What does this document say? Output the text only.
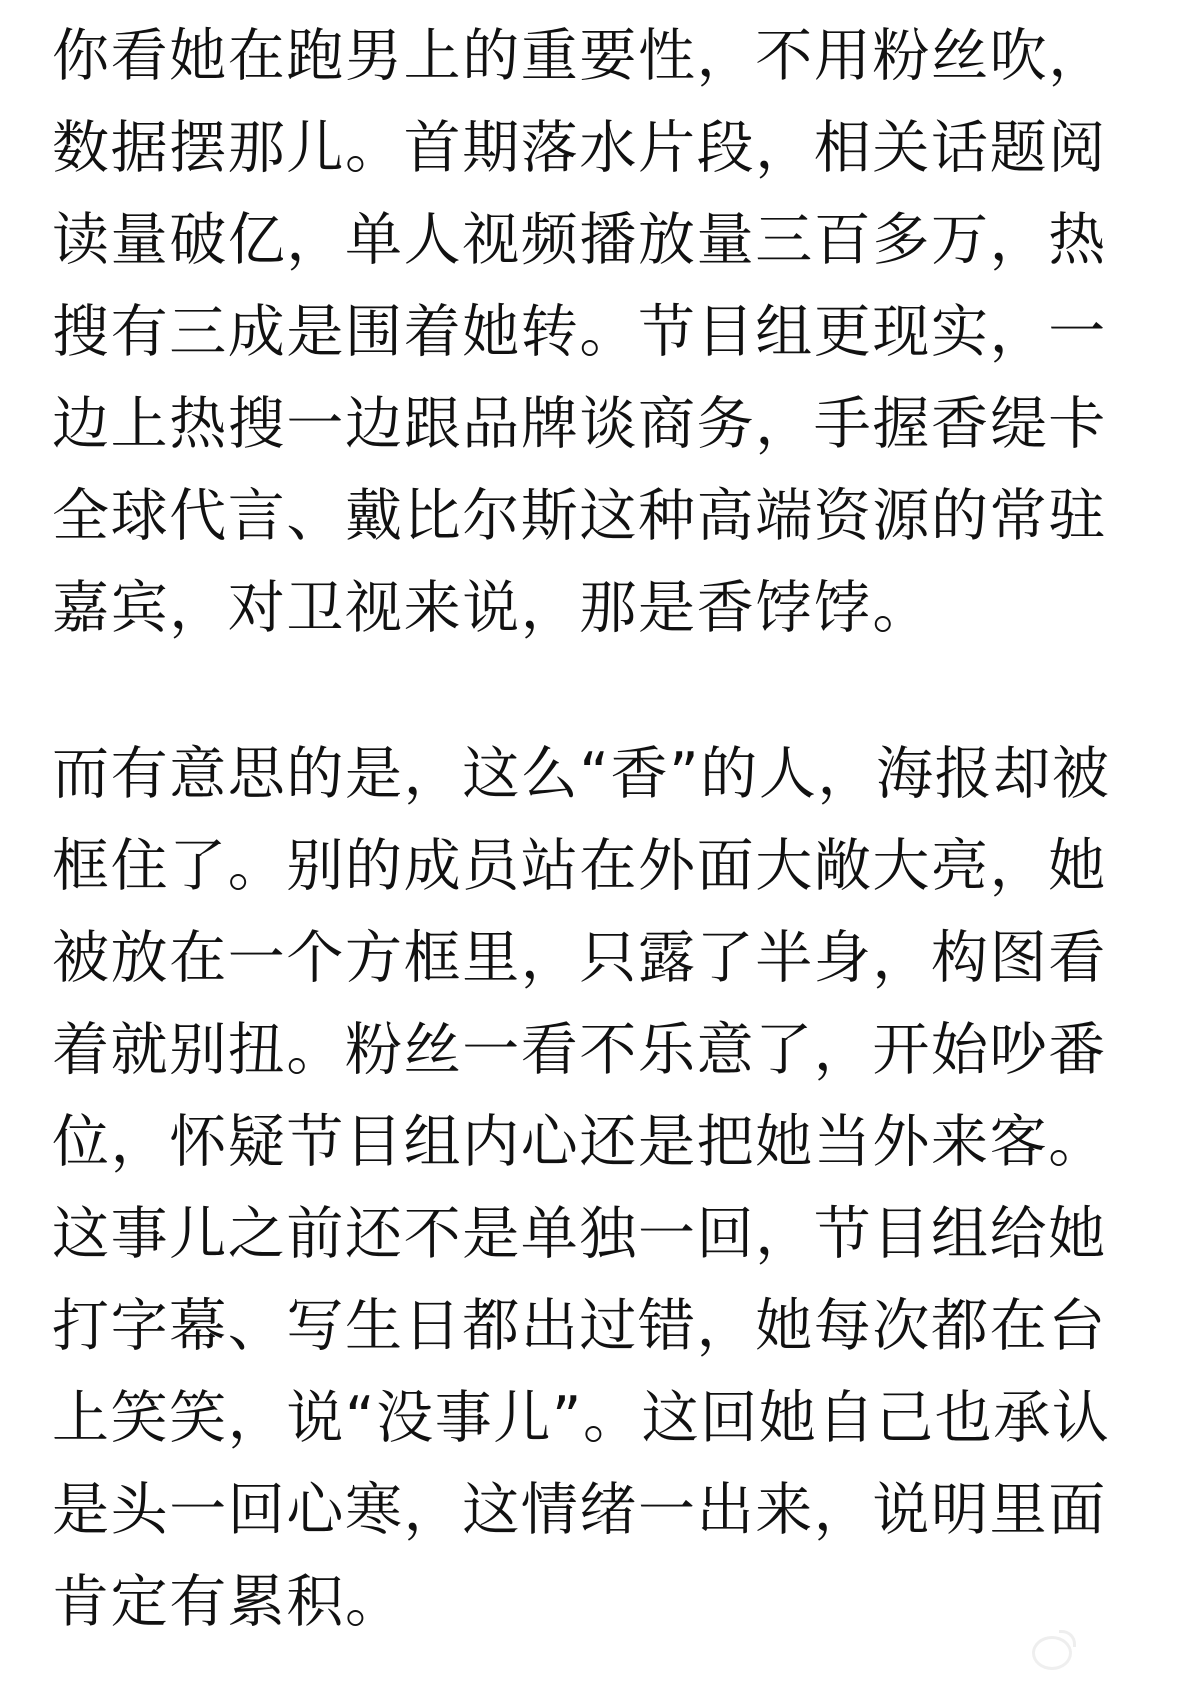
你看她在跑男上的重要性，不用粉丝吹，
数据摆那儿。首期落水片段，相关话题阅
读量破亿，单人视频播放量三百多万，热
搜有三成是围着她转。节目组更现实，一
边上热搜一边跟品牌谈商务，手握香缇卡
全球代言、戴比尔斯这种高端资源的常驻
嘉宾，对卫视来说，那是香饽饽。
而有意思的是，这么“香”的人，海报却被
框住了。别的成员站在外面大敞大亮，她
被放在一个方框里，只露了半身，构图看
着就别扭。粉丝一看不乐意了，开始吵番
位，怀疑节目组内心还是把她当外来客。
这事儿之前还不是单独一回，节目组给她
打字幕、写生日都出过错，她每次都在台
上笑笑，说“没事儿”。这回她自己也承认
是头一回心寒，这情绪一出来，说明里面
肯定有累积。
